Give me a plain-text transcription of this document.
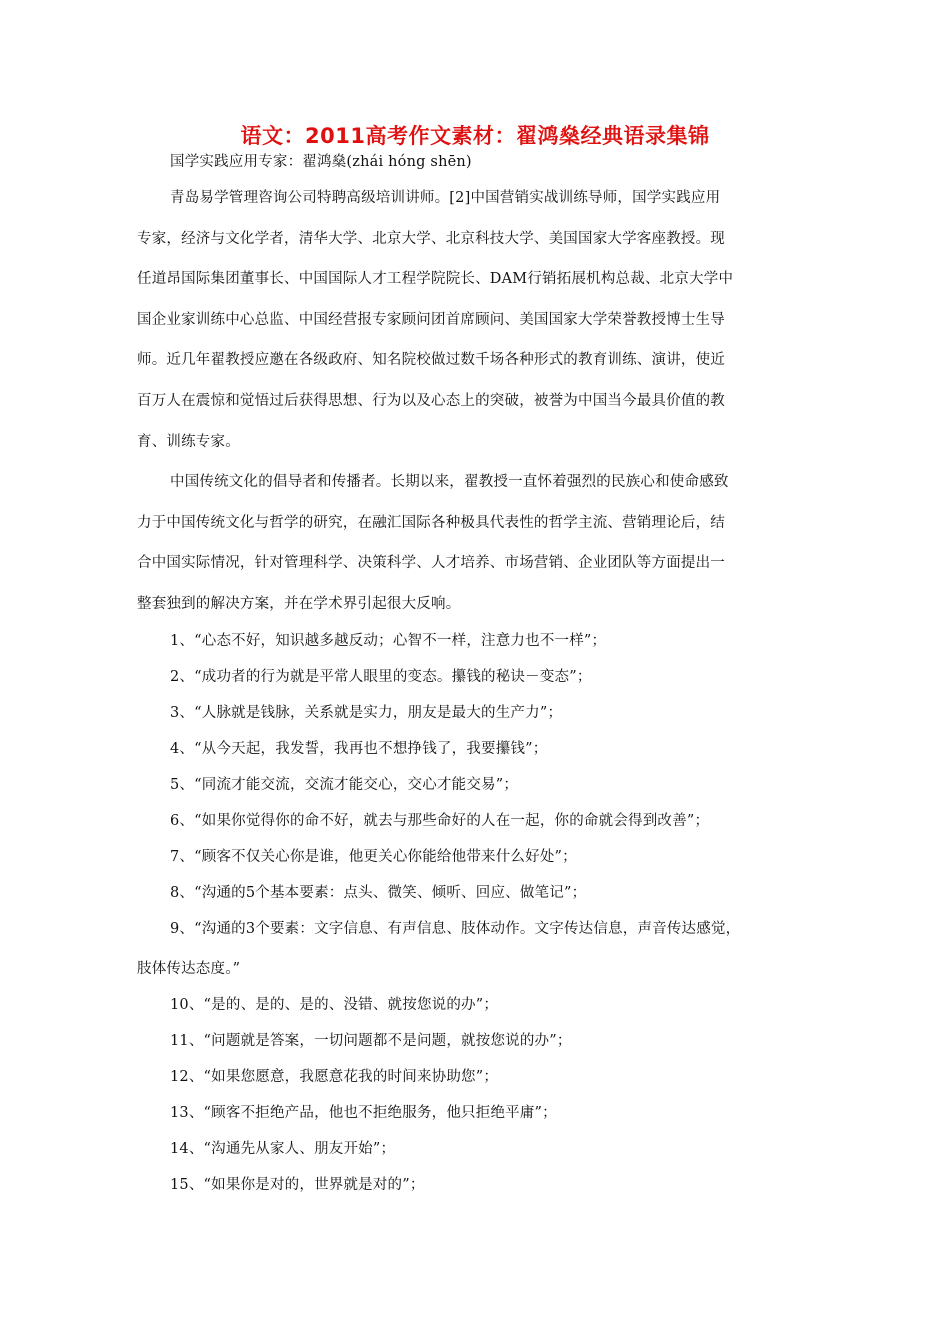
语文：2011高考作文素材：翟鸿燊经典语录集锦
国学实践应用专家：翟鸿燊(zhái hóng shēn)
青岛易学管理咨询公司特聘高级培训讲师。[2]中国营销实战训练导师，国学实践应用
专家，经济与文化学者，清华大学、北京大学、北京科技大学、美国国家大学客座教授。现
任道昂国际集团董事长、中国国际人才工程学院院长、DAM行销拓展机构总裁、北京大学中
国企业家训练中心总监、中国经营报专家顾问团首席顾问、美国国家大学荣誉教授博士生导
师。近几年翟教授应邀在各级政府、知名院校做过数千场各种形式的教育训练、演讲，使近
百万人在震惊和觉悟过后获得思想、行为以及心态上的突破，被誉为中国当今最具价值的教
育、训练专家。
中国传统文化的倡导者和传播者。长期以来，翟教授一直怀着强烈的民族心和使命感致
力于中国传统文化与哲学的研究，在融汇国际各种极具代表性的哲学主流、营销理论后，结
合中国实际情况，针对管理科学、决策科学、人才培养、市场营销、企业团队等方面提出一
整套独到的解决方案，并在学术界引起很大反响。
1、“心态不好，知识越多越反动；心智不一样，注意力也不一样”；
2、“成功者的行为就是平常人眼里的变态。攥钱的秘诀－变态”；
3、“人脉就是钱脉，关系就是实力，朋友是最大的生产力”；
4、“从今天起，我发誓，我再也不想挣钱了，我要攥钱”；
5、“同流才能交流，交流才能交心，交心才能交易”；
6、“如果你觉得你的命不好，就去与那些命好的人在一起，你的命就会得到改善”；
7、“顾客不仅关心你是谁，他更关心你能给他带来什么好处”；
8、“沟通的5个基本要素：点头、微笑、倾听、回应、做笔记”；
9、“沟通的3个要素：文字信息、有声信息、肢体动作。文字传达信息，声音传达感觉，
肢体传达态度。”
10、“是的、是的、是的、没错、就按您说的办”；
11、“问题就是答案，一切问题都不是问题，就按您说的办”；
12、“如果您愿意，我愿意花我的时间来协助您”；
13、“顾客不拒绝产品，他也不拒绝服务，他只拒绝平庸”；
14、“沟通先从家人、朋友开始”；
15、“如果你是对的，世界就是对的”；
